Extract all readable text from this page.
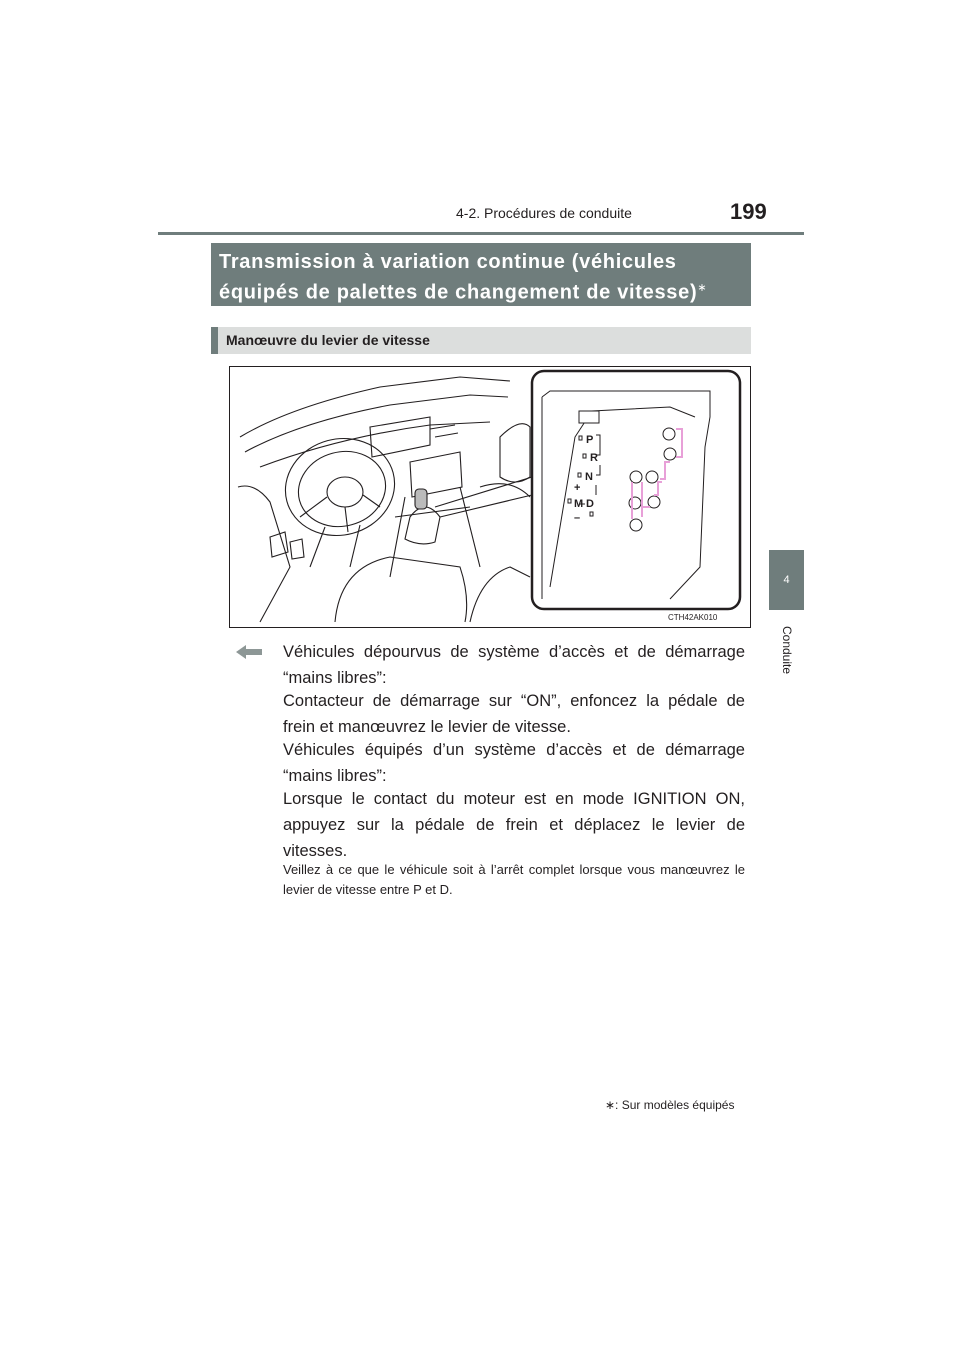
4-2. Procédures de conduite	199
4
Conduite
Transmission à variation continue (véhicules
équipés de palettes de changement de vitesse)∗
Manœuvre du levier de vitesse
P
R
N
+
M D
–
CTH42AK010
Véhicules dépourvus de système d’accès et de démarrage “mains libres”:
Contacteur de démarrage sur “ON”, enfoncez la pédale de frein et manœuvrez le levier de vitesse.
Véhicules équipés d’un système d’accès et de démarrage “mains libres”:
Lorsque le contact du moteur est en mode IGNITION ON, appuyez sur la pédale de frein et déplacez le levier de vitesses.
Veillez à ce que le véhicule soit à l’arrêt complet lorsque vous manœuvrez le levier de vitesse entre P et D.
∗: Sur modèles équipés
